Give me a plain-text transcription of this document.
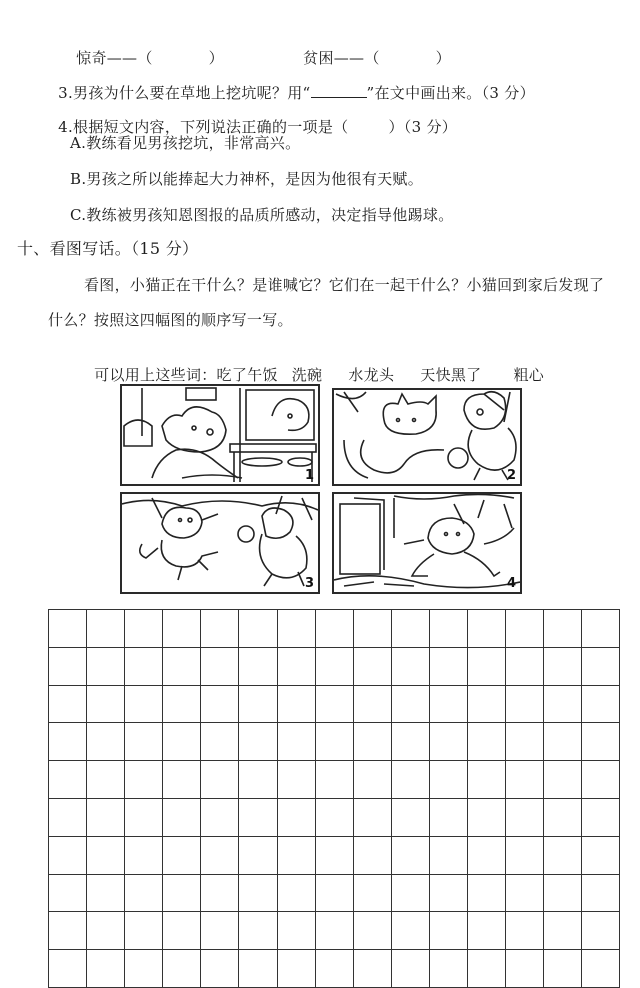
惊奇——（	）	贫困——（	）

3.男孩为什么要在草地上挖坑呢？用“	”在文中画出来。（3 分）

4.根据短文内容，下列说法正确的一项是（	）（3 分）

A.教练看见男孩挖坑，非常高兴。
B.男孩之所以能捧起大力神杯，是因为他很有天赋。
C.教练被男孩知恩图报的品质所感动，决定指导他踢球。
十、看图写话。（15 分）
看图，小猫正在干什么？是谁喊它？它们在一起干什么？小猫回到家后发现了
什么？按照这四幅图的顺序写一写。

可以用上这些词：吃了午饭 洗碗 水龙头 天快黑了 粗心

1	2
3	4
